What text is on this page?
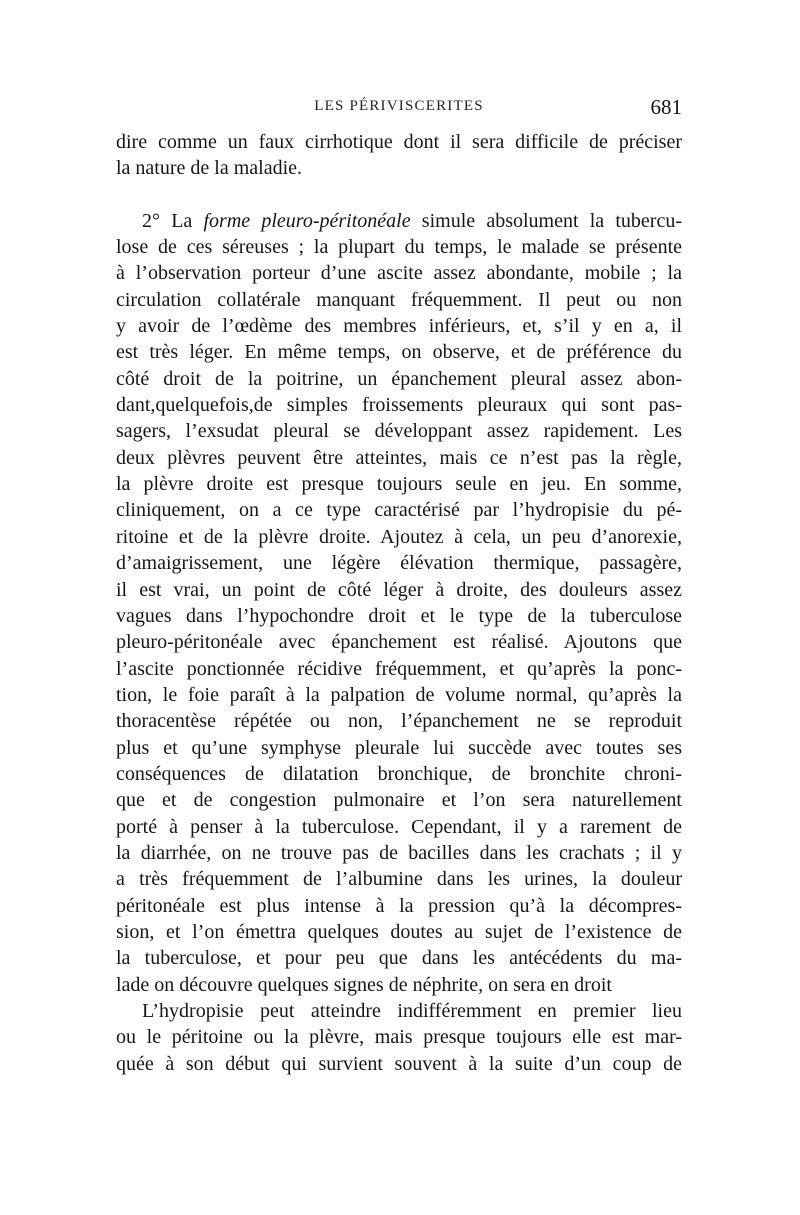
LES PÉRIVISCERITES	681
dire comme un faux cirrhotique dont il sera difficile de préciser
la nature de la maladie.
2° La forme pleuro-péritonéale simule absolument la tubercu-
lose de ces séreuses ; la plupart du temps, le malade se présente
à l’observation porteur d’une ascite assez abondante, mobile ; la
circulation collatérale manquant fréquemment. Il peut ou non
y avoir de l’œdème des membres inférieurs, et, s’il y en a, il
est très léger. En même temps, on observe, et de préférence du
côté droit de la poitrine, un épanchement pleural assez abon-
dant,quelquefois,de simples froissements pleuraux qui sont pas-
sagers, l’exsudat pleural se développant assez rapidement. Les
deux plèvres peuvent être atteintes, mais ce n’est pas la règle,
la plèvre droite est presque toujours seule en jeu. En somme,
cliniquement, on a ce type caractérisé par l’hydropisie du pé-
ritoine et de la plèvre droite. Ajoutez à cela, un peu d’anorexie,
d’amaigrissement, une légère élévation thermique, passagère,
il est vrai, un point de côté léger à droite, des douleurs assez
vagues dans l’hypochondre droit et le type de la tuberculose
pleuro-péritonéale avec épanchement est réalisé. Ajoutons que
l’ascite ponctionnée récidive fréquemment, et qu’après la ponc-
tion, le foie paraît à la palpation de volume normal, qu’après la
thoracentèse répétée ou non, l’épanchement ne se reproduit
plus et qu’une symphyse pleurale lui succède avec toutes ses
conséquences de dilatation bronchique, de bronchite chroni-
que et de congestion pulmonaire et l’on sera naturellement
porté à penser à la tuberculose. Cependant, il y a rarement de
la diarrhée, on ne trouve pas de bacilles dans les crachats ; il y
a très fréquemment de l’albumine dans les urines, la douleur
péritonéale est plus intense à la pression qu’à la décompres-
sion, et l’on émettra quelques doutes au sujet de l’existence de
la tuberculose, et pour peu que dans les antécédents du ma-
lade on découvre quelques signes de néphrite, on sera en droit
L’hydropisie peut atteindre indifféremment en premier lieu
ou le péritoine ou la plèvre, mais presque toujours elle est mar-
quée à son début qui survient souvent à la suite d’un coup de
